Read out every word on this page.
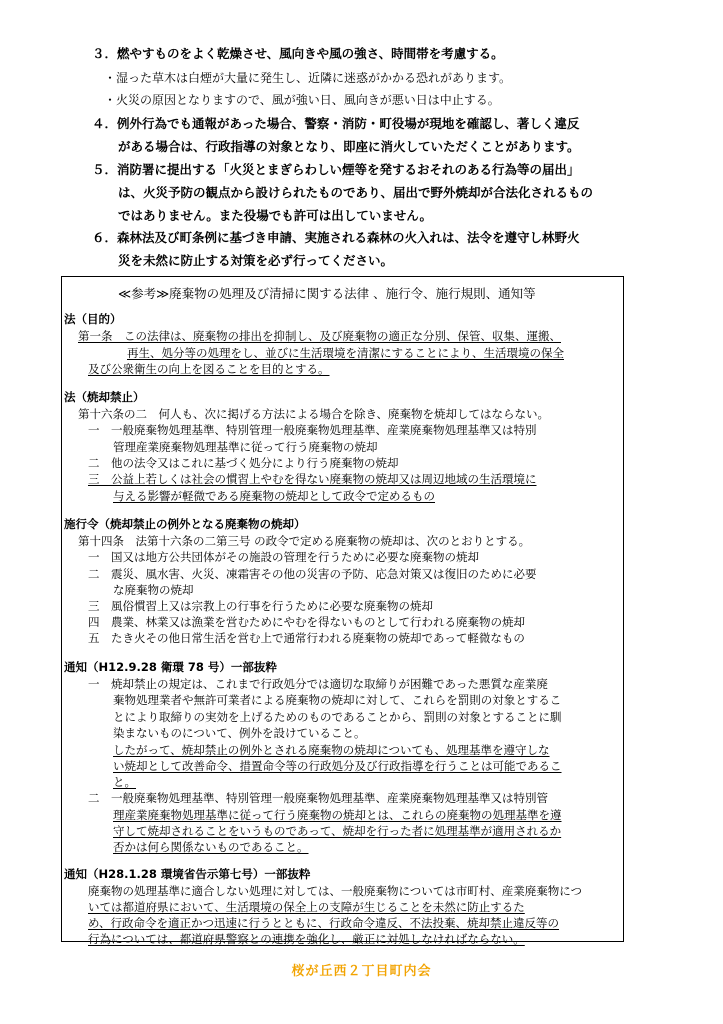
３．燃やすものをよく乾燥させ、風向きや風の強さ、時間帯を考慮する。
・湿った草木は白煙が大量に発生し、近隣に迷惑がかかる恐れがあります。
・火災の原因となりますので、風が強い日、風向きが悪い日は中止する。
４．例外行為でも通報があった場合、警察・消防・町役場が現地を確認し、著しく違反
がある場合は、行政指導の対象となり、即座に消火していただくことがあります。
５．消防署に提出する「火災とまぎらわしい煙等を発するおそれのある行為等の届出」
は、火災予防の観点から設けられたものであり、届出で野外焼却が合法化されるもの
ではありません。また役場でも許可は出していません。
６．森林法及び町条例に基づき申請、実施される森林の火入れは、法令を遵守し林野火
災を未然に防止する対策を必ず行ってください。
≪参考≫廃棄物の処理及び清掃に関する法律 、施行令、施行規則、通知等
法（目的）
第一条　この法律は、廃棄物の排出を抑制し、及び廃棄物の適正な分別、保管、収集、運搬、
再生、処分等の処理をし、並びに生活環境を清潔にすることにより、生活環境の保全
及び公衆衛生の向上を図ることを目的とする。
法（焼却禁止）
第十六条の二　何人も、次に掲げる方法による場合を除き、廃棄物を焼却してはならない。
一　一般廃棄物処理基準、特別管理一般廃棄物処理基準、産業廃棄物処理基準又は特別
管理産業廃棄物処理基準に従って行う廃棄物の焼却
二　他の法令又はこれに基づく処分により行う廃棄物の焼却
三　公益上若しくは社会の慣習上やむを得ない廃棄物の焼却又は周辺地域の生活環境に
与える影響が軽微である廃棄物の焼却として政令で定めるもの
施行令（焼却禁止の例外となる廃棄物の焼却）
第十四条　法第十六条の二第三号 の政令で定める廃棄物の焼却は、次のとおりとする。
一　国又は地方公共団体がその施設の管理を行うために必要な廃棄物の焼却
二　震災、風水害、火災、凍霜害その他の災害の予防、応急対策又は復旧のために必要
な廃棄物の焼却
三　風俗慣習上又は宗教上の行事を行うために必要な廃棄物の焼却
四　農業、林業又は漁業を営むためにやむを得ないものとして行われる廃棄物の焼却
五　たき火その他日常生活を営む上で通常行われる廃棄物の焼却であって軽微なもの
通知（H12.9.28 衛環 78 号）一部抜粋
一　焼却禁止の規定は、これまで行政処分では適切な取締りが困難であった悪質な産業廃
棄物処理業者や無許可業者による廃棄物の焼却に対して、これらを罰則の対象とするこ
とにより取締りの実効を上げるためのものであることから、罰則の対象とすることに馴
染まないものについて、例外を設けていること。
したがって、焼却禁止の例外とされる廃棄物の焼却についても、処理基準を遵守しな
い焼却として改善命令、措置命令等の行政処分及び行政指導を行うことは可能であるこ
と。
二　一般廃棄物処理基準、特別管理一般廃棄物処理基準、産業廃棄物処理基準又は特別管
理産業廃棄物処理基準に従って行う廃棄物の焼却とは、これらの廃棄物の処理基準を遵
守して焼却されることをいうものであって、焼却を行った者に処理基準が適用されるか
否かは何ら関係ないものであること。
通知（H28.1.28 環境省告示第七号）一部抜粋
廃棄物の処理基準に適合しない処理に対しては、一般廃棄物については市町村、産業廃棄物につ
いては都道府県において、生活環境の保全上の支障が生じることを未然に防止するた
め、行政命令を適正かつ迅速に行うとともに、行政命令違反、不法投棄、焼却禁止違反等の
行為については、都道府県警察との連携を強化し、厳正に対処しなければならない。
桜が丘西２丁目町内会
